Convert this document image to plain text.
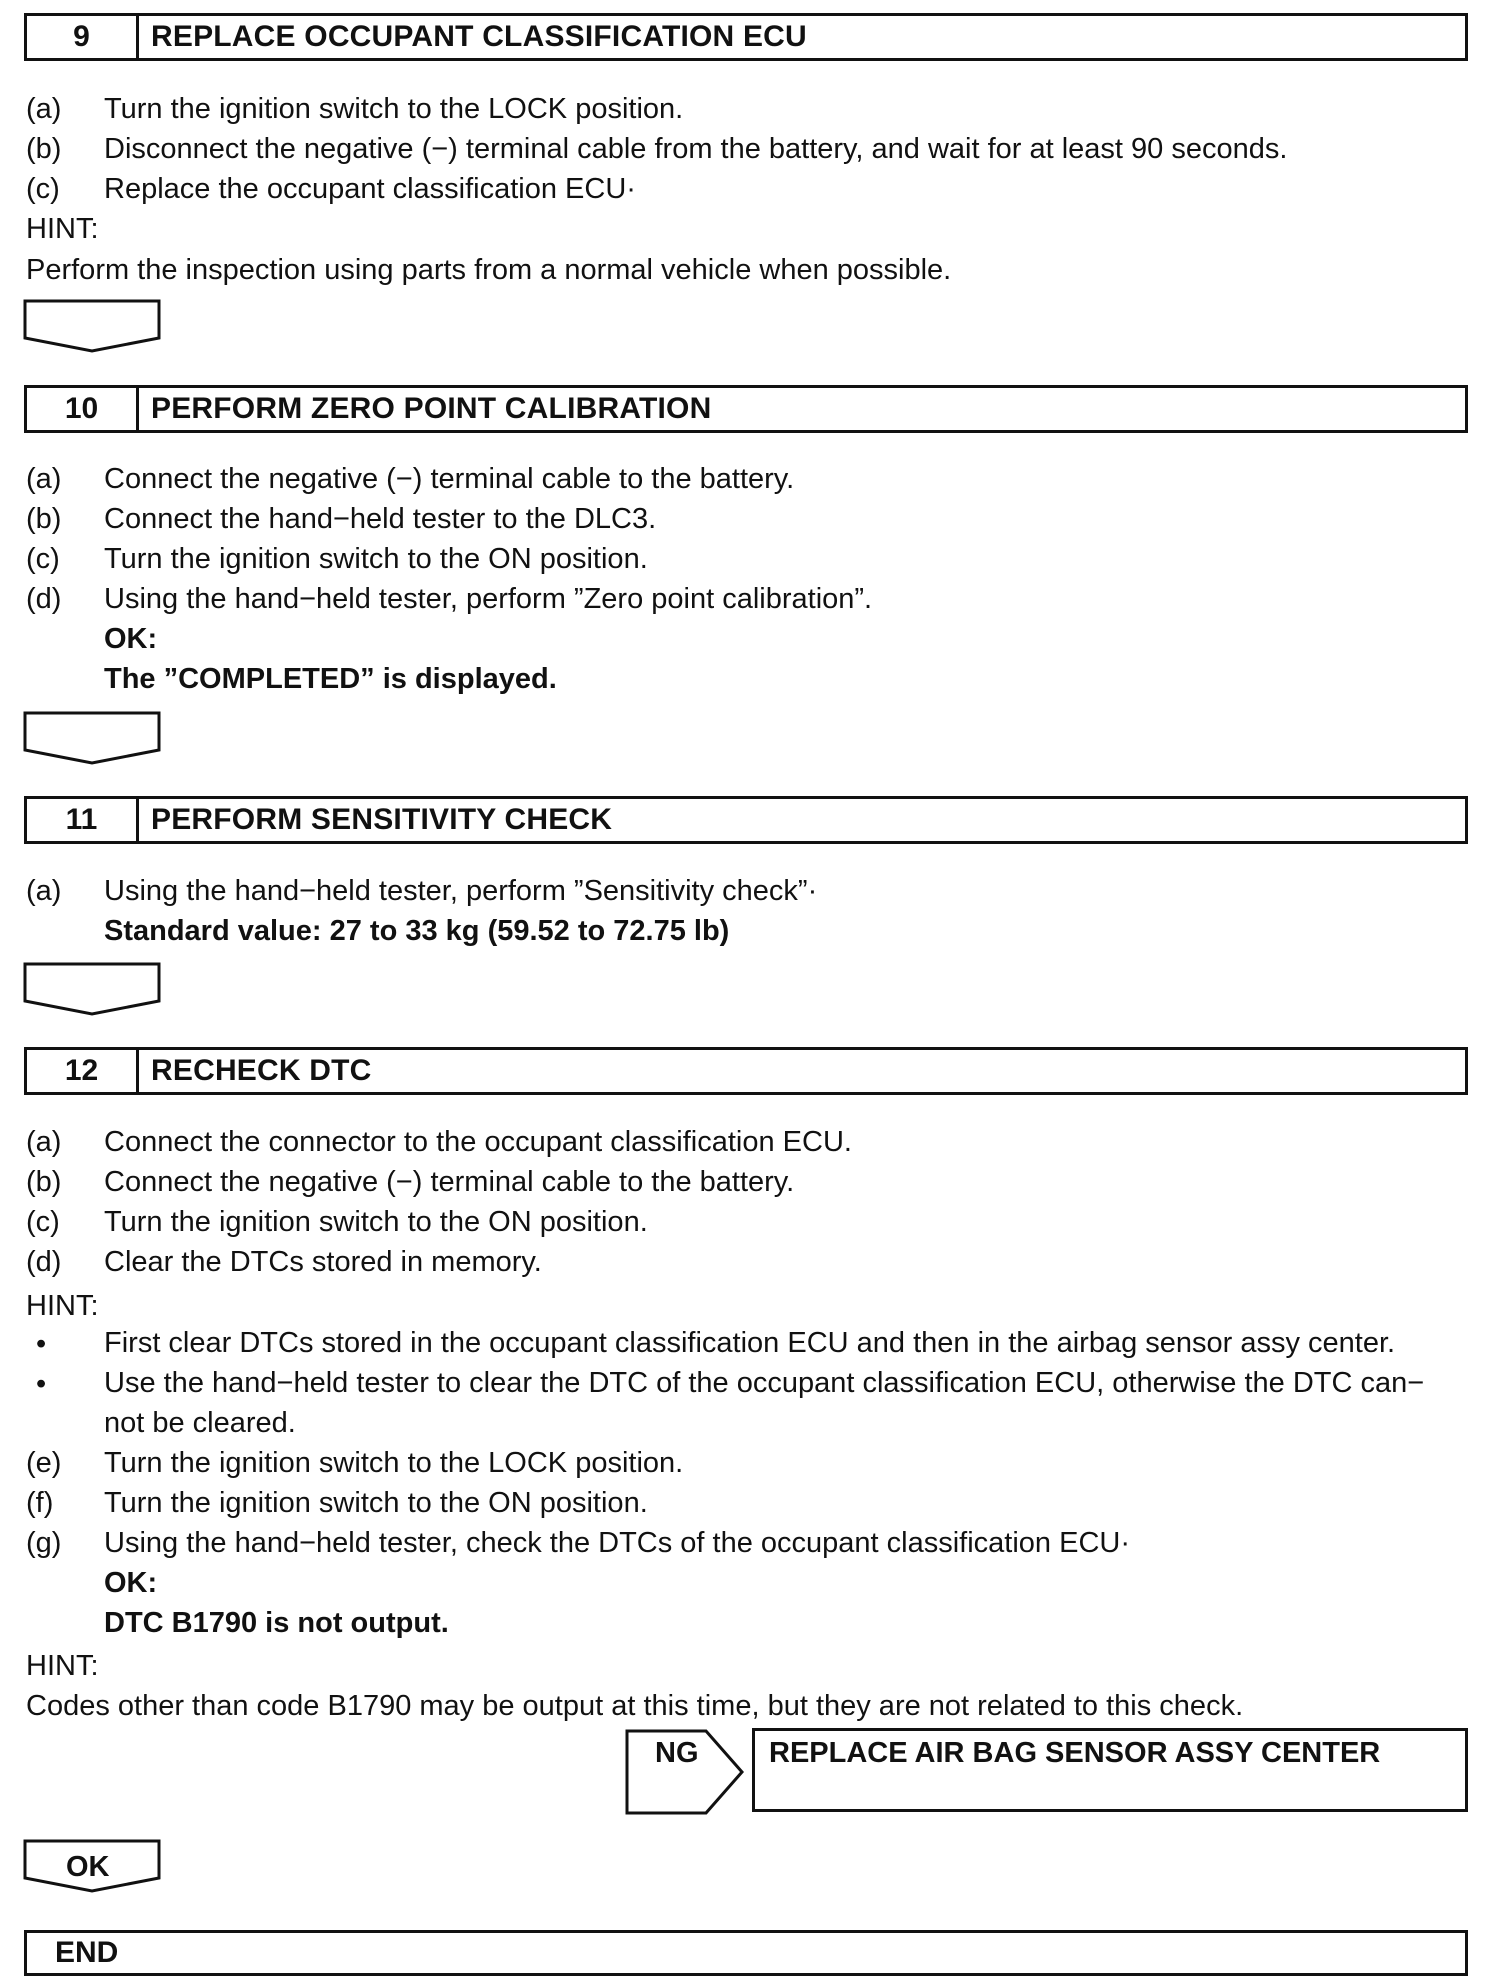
9	REPLACE OCCUPANT CLASSIFICATION ECU
(a)	Turn the ignition switch to the LOCK position.
(b)	Disconnect the negative (−) terminal cable from the battery, and wait for at least 90 seconds.
(c)	Replace the occupant classification ECU·
HINT:
Perform the inspection using parts from a normal vehicle when possible.
10	PERFORM ZERO POINT CALIBRATION
(a)	Connect the negative (−) terminal cable to the battery.
(b)	Connect the hand−held tester to the DLC3.
(c)	Turn the ignition switch to the ON position.
(d)	Using the hand−held tester, perform ”Zero point calibration”.
OK:
The ”COMPLETED” is displayed.
11	PERFORM SENSITIVITY CHECK
(a)	Using the hand−held tester, perform ”Sensitivity check”·
Standard value: 27 to 33 kg (59.52 to 72.75 lb)
12	RECHECK DTC
(a)	Connect the connector to the occupant classification ECU.
(b)	Connect the negative (−) terminal cable to the battery.
(c)	Turn the ignition switch to the ON position.
(d)	Clear the DTCs stored in memory.
HINT:
• First clear DTCs stored in the occupant classification ECU and then in the airbag sensor assy center.
• Use the hand−held tester to clear the DTC of the occupant classification ECU, otherwise the DTC can−
not be cleared.
(e)	Turn the ignition switch to the LOCK position.
(f)	Turn the ignition switch to the ON position.
(g)	Using the hand−held tester, check the DTCs of the occupant classification ECU·
OK:
DTC B1790 is not output.
HINT:
Codes other than code B1790 may be output at this time, but they are not related to this check.
NG	REPLACE AIR BAG SENSOR ASSY CENTER
OK
END
